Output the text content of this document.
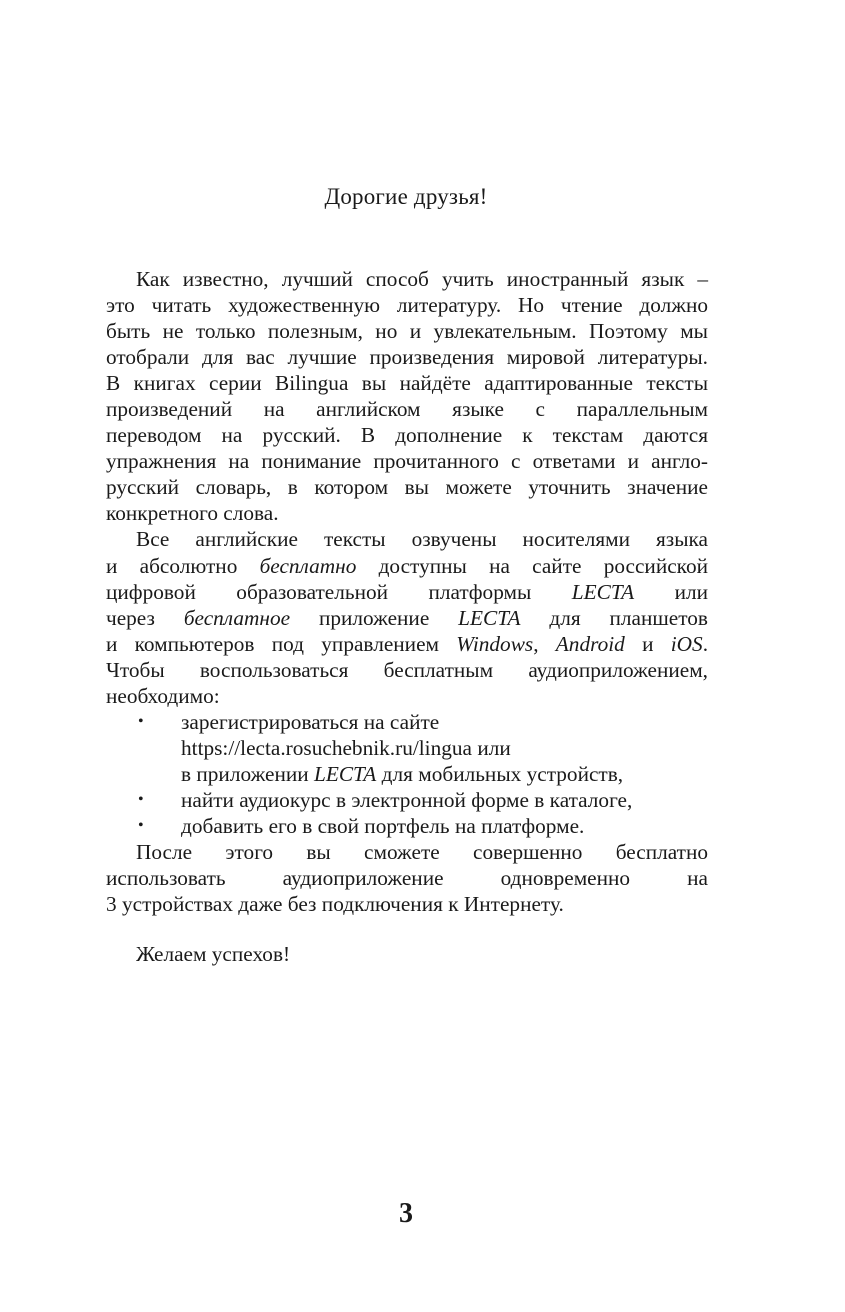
Дорогие друзья!
Как известно, лучший способ учить иностранный язык –
это читать художественную литературу. Но чтение должно
быть не только полезным, но и увлекательным. Поэтому мы
отобрали для вас лучшие произведения мировой литературы.
В книгах серии Bilingua вы найдёте адаптированные тексты
произведений на английском языке с параллельным
переводом на русский. В дополнение к текстам даются
упражнения на понимание прочитанного с ответами и англо-
русский словарь, в котором вы можете уточнить значение
конкретного слова.
Все английские тексты озвучены носителями языка
и абсолютно бесплатно доступны на сайте российской
цифровой образовательной платформы LECTA или
через бесплатное приложение LECTA для планшетов
и компьютеров под управлением Windows, Android и iOS.
Чтобы воспользоваться бесплатным аудиоприложением,
необходимо:
• зарегистрироваться на сайте
https://lecta.rosuchebnik.ru/lingua или
в приложении LECTA для мобильных устройств,
• найти аудиокурс в электронной форме в каталоге,
• добавить его в свой портфель на платформе.
После этого вы сможете совершенно бесплатно
использовать аудиоприложение одновременно на
3 устройствах даже без подключения к Интернету.
Желаем успехов!
3
